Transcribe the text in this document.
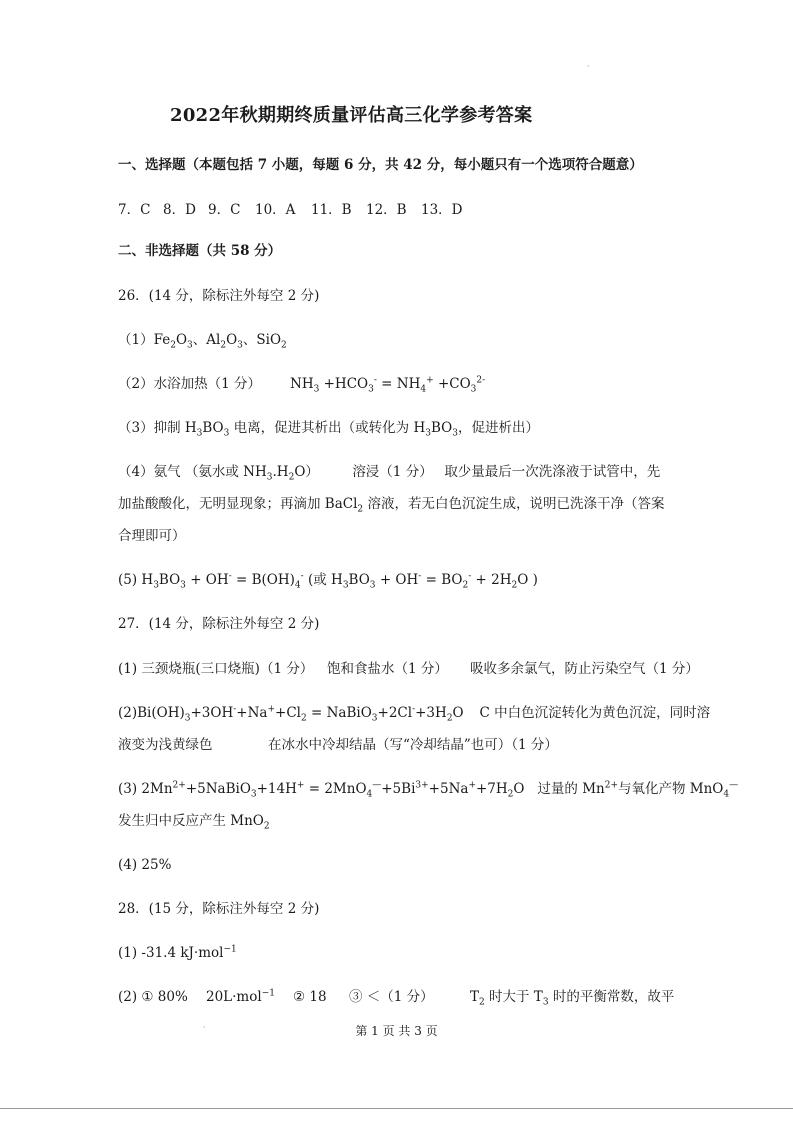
·
2022年秋期期终质量评估高三化学参考答案
一、选择题（本题包括 7 小题，每题 6 分，共 42 分，每小题只有一个选项符合题意）
7．C 8．D 9．C 10．A 11．B 12．B 13．D
二、非选择题（共 58 分）
26．(14 分，除标注外每空 2 分)
$(1)Fe_2O_3$、$Al_2O_3$、SiO$_2$
（2）水浴加热（1 分） $NH_3 +HCO_3^- = NH_4^+ +CO_3^{2-}$
（3）抑制 $H_3BO_3$ 电离，促进其析出（或转化为 $H_3BO_3$，促进析出）
（4）氨气 （氨水或 $NH_3.H_2O$） 溶浸（1 分） 取少量最后一次洗涤液于试管中，先
加盐酸酸化，无明显现象；再滴加 BaCl$_2$ 溶液，若无白色沉淀生成，说明已洗涤干净（答案
合理即可）
(5) $H_3BO_3 + OH^- = B(OH)_4^-$ (或 $H_3BO_3 + OH^- = BO_2^- + 2H_2O$ )
27．(14 分，除标注外每空 2 分)
(1) 三颈烧瓶(三口烧瓶)（1 分） 饱和食盐水（1 分） 吸收多余氯气，防止污染空气（1 分）
$(2)Bi(OH)_3+3OH^-+Na^++Cl_2$ = $NaBiO_3+2Cl^-+3H_2O$ C 中白色沉淀转化为黄色沉淀，同时溶
液变为浅黄绿色	在冰水中冷却结晶（写“冷却结晶”也可）（1 分）
(3) $2Mn^{2+}+5NaBiO_3+14H^+ = 2MnO_4^—+5Bi^{3+}+5Na^++7H_2O$ 过量的 $Mn^{2+}$与氧化产物 MnO$_4$—
发生归中反应产生 MnO$_2$
(4) 25%
28．(15 分，除标注外每空 2 分)
(1) -31.4 kJ·mol$^{-1}$
(2) ① 80% 20L·mol$^{-1}$ ② 18 ③ ＜（1 分）	$T_2$ 时大于 $T_3$ 时的平衡常数，故平
第 1 页 共 3 页
·
